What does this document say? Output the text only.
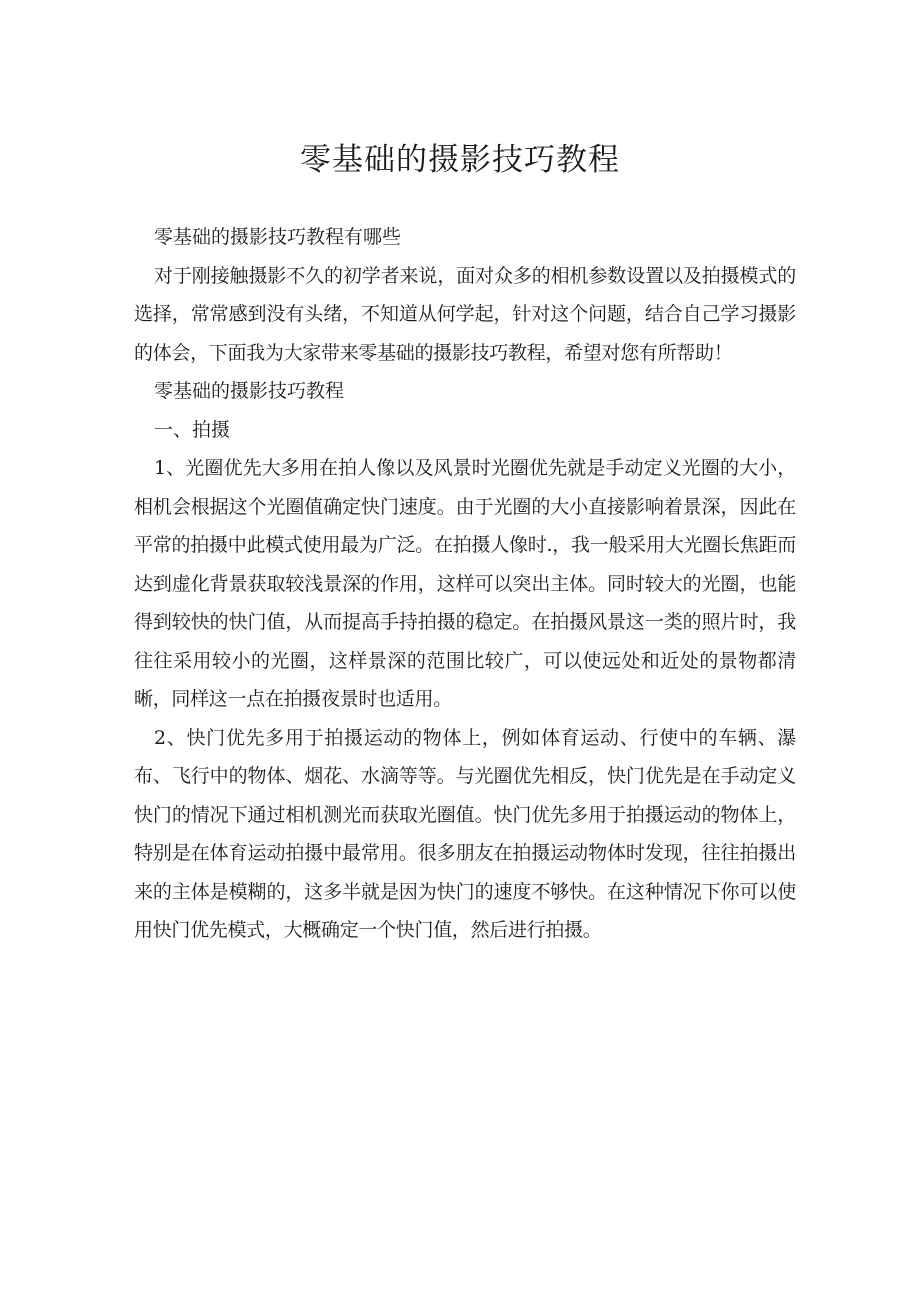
零基础的摄影技巧教程

零基础的摄影技巧教程有哪些

对于刚接触摄影不久的初学者来说，面对众多的相机参数设置以及拍摄模式的选择，常常感到没有头绪，不知道从何学起，针对这个问题，结合自己学习摄影的体会，下面我为大家带来零基础的摄影技巧教程，希望对您有所帮助！

零基础的摄影技巧教程

一、拍摄

1、光圈优先大多用在拍人像以及风景时光圈优先就是手动定义光圈的大小，相机会根据这个光圈值确定快门速度。由于光圈的大小直接影响着景深，因此在平常的拍摄中此模式使用最为广泛。在拍摄人像时.，我一般采用大光圈长焦距而达到虚化背景获取较浅景深的作用，这样可以突出主体。同时较大的光圈，也能得到较快的快门值，从而提高手持拍摄的稳定。在拍摄风景这一类的照片时，我往往采用较小的光圈，这样景深的范围比较广，可以使远处和近处的景物都清晰，同样这一点在拍摄夜景时也适用。

2、快门优先多用于拍摄运动的物体上，例如体育运动、行使中的车辆、瀑布、飞行中的物体、烟花、水滴等等。与光圈优先相反，快门优先是在手动定义快门的情况下通过相机测光而获取光圈值。快门优先多用于拍摄运动的物体上，特别是在体育运动拍摄中最常用。很多朋友在拍摄运动物体时发现，往往拍摄出来的主体是模糊的，这多半就是因为快门的速度不够快。在这种情况下你可以使用快门优先模式，大概确定一个快门值，然后进行拍摄。
